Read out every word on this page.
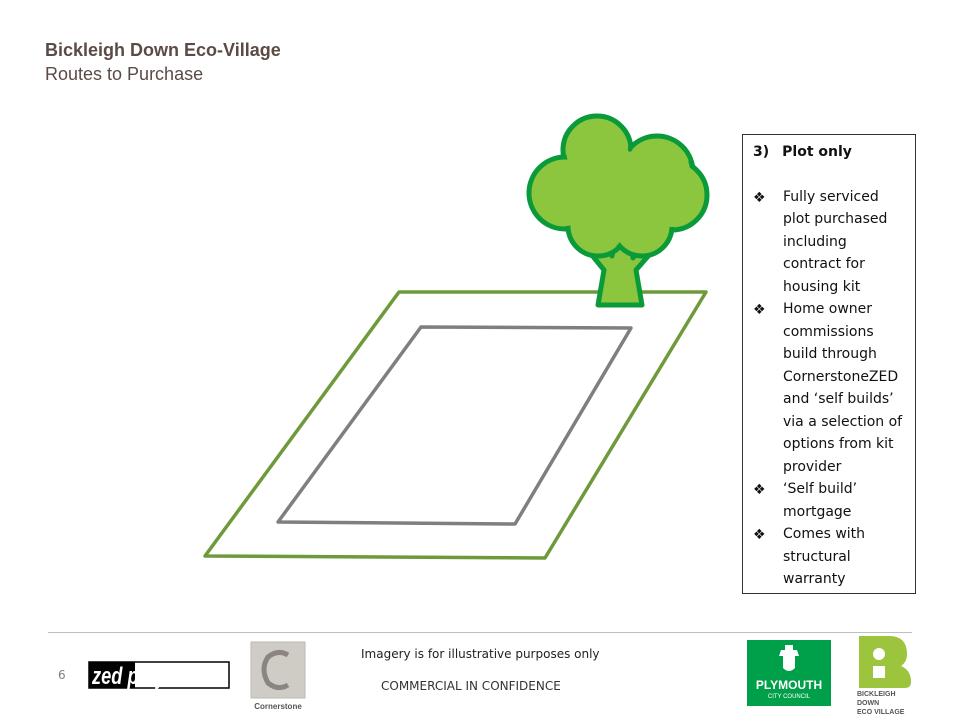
Bickleigh Down Eco-Village
Routes to Purchase
3) Plot only
❖ Fully serviced plot purchased including contract for housing kit
❖ Home owner commissions build through CornerstoneZED and ‘self builds’ via a selection of options from kit provider
❖ ‘Self build’ mortgage
❖ Comes with structural warranty
6
Imagery is for illustrative purposes only
COMMERCIAL IN CONFIDENCE
zed projects ltd
Cornerstone
PLYMOUTH
CITY COUNCIL	BICKLEIGH
DOWN
ECO VILLAGE
